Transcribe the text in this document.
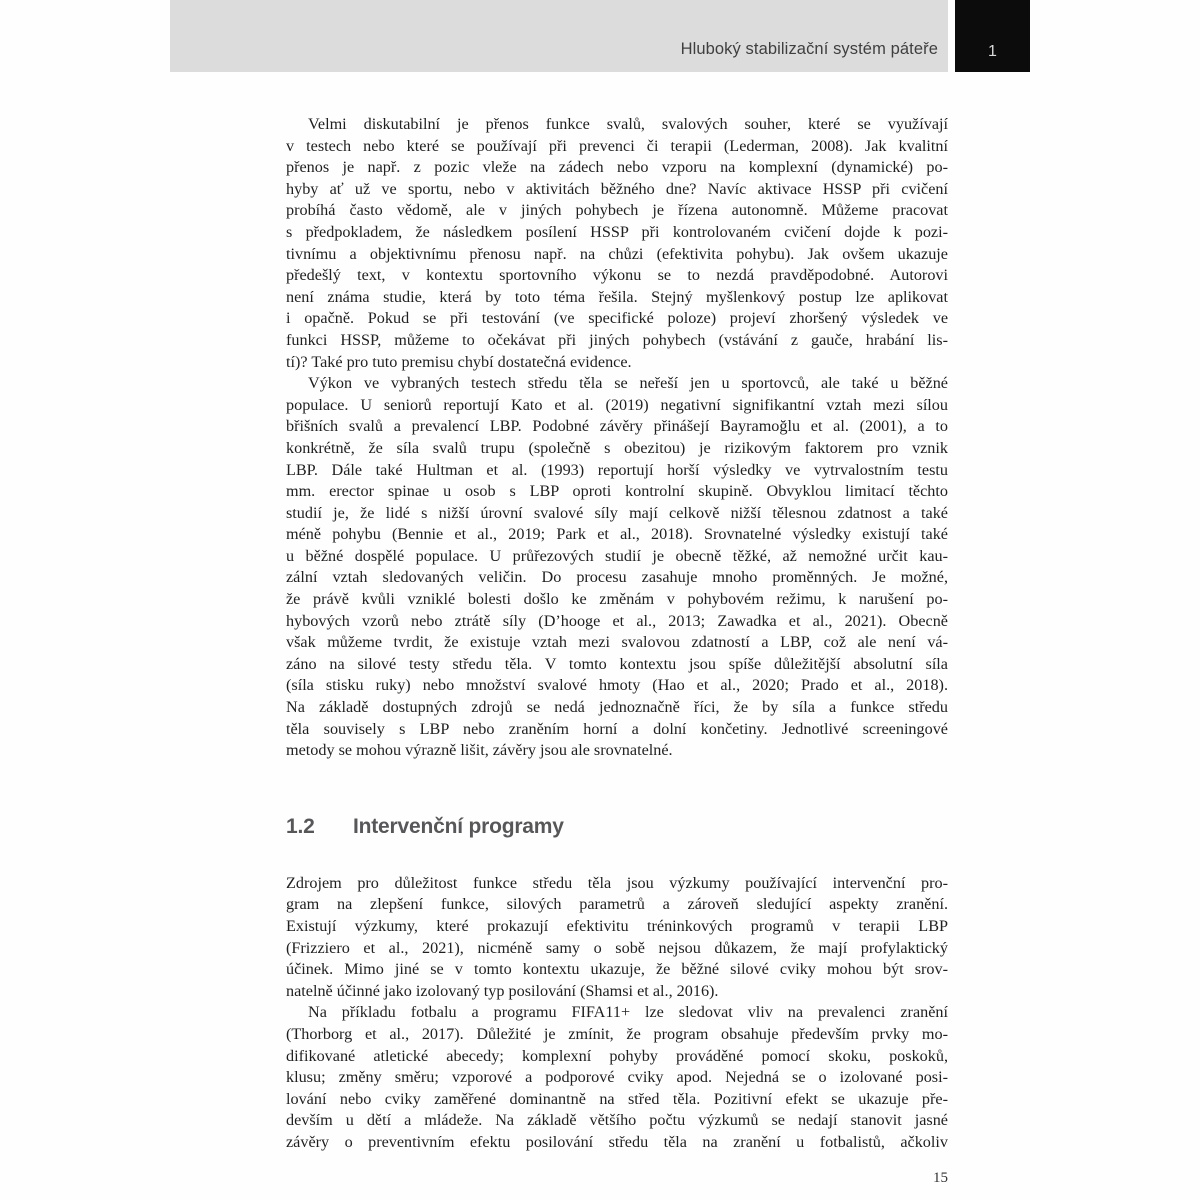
Hluboký stabilizační systém páteře	1
Velmi diskutabilní je přenos funkce svalů, svalových souher, které se využívají
v testech nebo které se používají při prevenci či terapii (Lederman, 2008). Jak kvalitní
přenos je např. z pozic vleže na zádech nebo vzporu na komplexní (dynamické) po-
hyby ať už ve sportu, nebo v aktivitách běžného dne? Navíc aktivace HSSP při cvičení
probíhá často vědomě, ale v jiných pohybech je řízena autonomně. Můžeme pracovat
s předpokladem, že následkem posílení HSSP při kontrolovaném cvičení dojde k pozi-
tivnímu a objektivnímu přenosu např. na chůzi (efektivita pohybu). Jak ovšem ukazuje
předešlý text, v kontextu sportovního výkonu se to nezdá pravděpodobné. Autorovi
není známa studie, která by toto téma řešila. Stejný myšlenkový postup lze aplikovat
i opačně. Pokud se při testování (ve specifické poloze) projeví zhoršený výsledek ve
funkci HSSP, můžeme to očekávat při jiných pohybech (vstávání z gauče, hrabání lis-
tí)? Také pro tuto premisu chybí dostatečná evidence.
Výkon ve vybraných testech středu těla se neřeší jen u sportovců, ale také u běžné
populace. U seniorů reportují Kato et al. (2019) negativní signifikantní vztah mezi sílou
břišních svalů a prevalencí LBP. Podobné závěry přinášejí Bayramoğlu et al. (2001), a to
konkrétně, že síla svalů trupu (společně s obezitou) je rizikovým faktorem pro vznik
LBP. Dále také Hultman et al. (1993) reportují horší výsledky ve vytrvalostním testu
mm. erector spinae u osob s LBP oproti kontrolní skupině. Obvyklou limitací těchto
studií je, že lidé s nižší úrovní svalové síly mají celkově nižší tělesnou zdatnost a také
méně pohybu (Bennie et al., 2019; Park et al., 2018). Srovnatelné výsledky existují také
u běžné dospělé populace. U průřezových studií je obecně těžké, až nemožné určit kau-
zální vztah sledovaných veličin. Do procesu zasahuje mnoho proměnných. Je možné,
že právě kvůli vzniklé bolesti došlo ke změnám v pohybovém režimu, k narušení po-
hybových vzorů nebo ztrátě síly (D’hooge et al., 2013; Zawadka et al., 2021). Obecně
však můžeme tvrdit, že existuje vztah mezi svalovou zdatností a LBP, což ale není vá-
záno na silové testy středu těla. V tomto kontextu jsou spíše důležitější absolutní síla
(síla stisku ruky) nebo množství svalové hmoty (Hao et al., 2020; Prado et al., 2018).
Na základě dostupných zdrojů se nedá jednoznačně říci, že by síla a funkce středu
těla souvisely s LBP nebo zraněním horní a dolní končetiny. Jednotlivé screeningové
metody se mohou výrazně lišit, závěry jsou ale srovnatelné.
1.2 Intervenční programy
Zdrojem pro důležitost funkce středu těla jsou výzkumy používající intervenční pro-
gram na zlepšení funkce, silových parametrů a zároveň sledující aspekty zranění.
Existují výzkumy, které prokazují efektivitu tréninkových programů v terapii LBP
(Frizziero et al., 2021), nicméně samy o sobě nejsou důkazem, že mají profylaktický
účinek. Mimo jiné se v tomto kontextu ukazuje, že běžné silové cviky mohou být srov-
natelně účinné jako izolovaný typ posilování (Shamsi et al., 2016).
Na příkladu fotbalu a programu FIFA11+ lze sledovat vliv na prevalenci zranění
(Thorborg et al., 2017). Důležité je zmínit, že program obsahuje především prvky mo-
difikované atletické abecedy; komplexní pohyby prováděné pomocí skoku, poskoků,
klusu; změny směru; vzporové a podporové cviky apod. Nejedná se o izolované posi-
lování nebo cviky zaměřené dominantně na střed těla. Pozitivní efekt se ukazuje pře-
devším u dětí a mládeže. Na základě většího počtu výzkumů se nedají stanovit jasné
závěry o preventivním efektu posilování středu těla na zranění u fotbalistů, ačkoliv
15
